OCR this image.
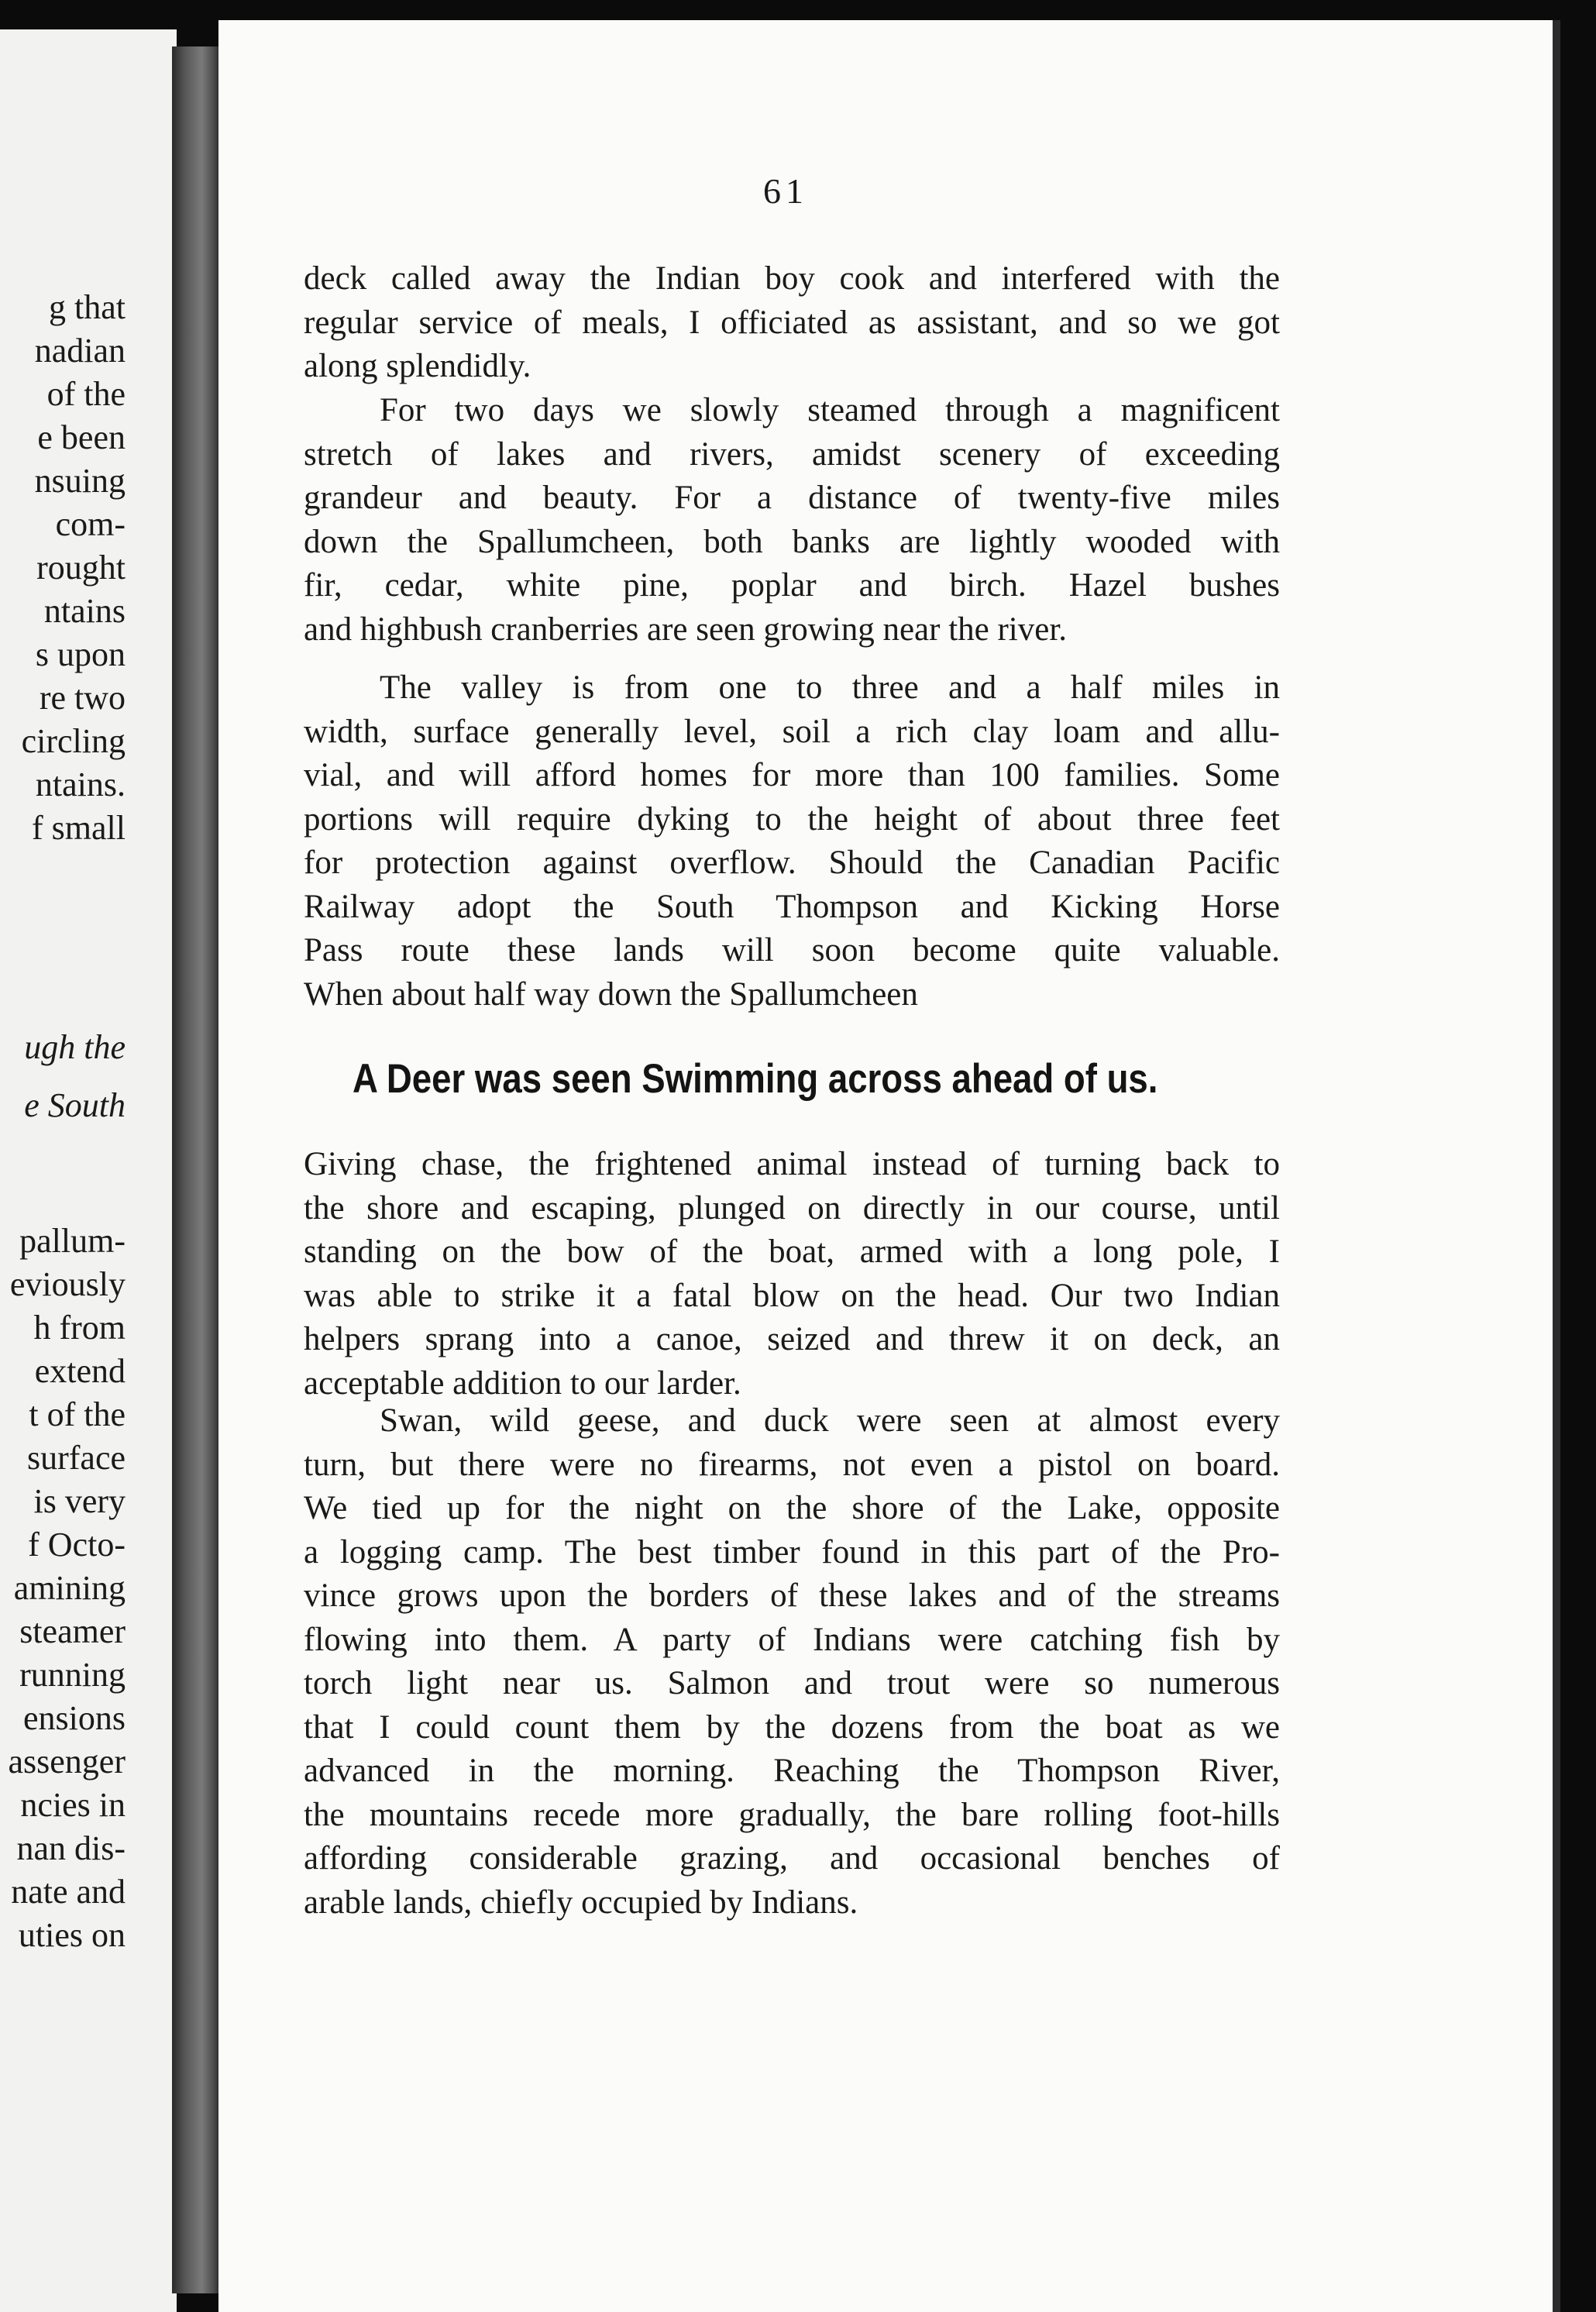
g that
nadian
of the
e been
nsuing
com-
rought
ntains
s upon
re two
circling
ntains.
f small
ugh the
e South
pallum-
eviously
h from
extend
t of the
surface
is very
f Octo-
amining
steamer
running
ensions
assenger
ncies in
nan dis-
nate and
uties on
61
deck called away the Indian boy cook and interfered with the
regular service of meals, I officiated as assistant, and so we got
along splendidly.
For two days we slowly steamed through a magnificent
stretch of lakes and rivers, amidst scenery of exceeding
grandeur and beauty. For a distance of twenty-five miles
down the Spallumcheen, both banks are lightly wooded with
fir, cedar, white pine, poplar and birch. Hazel bushes
and highbush cranberries are seen growing near the river.
The valley is from one to three and a half miles in
width, surface generally level, soil a rich clay loam and allu-
vial, and will afford homes for more than 100 families. Some
portions will require dyking to the height of about three feet
for protection against overflow. Should the Canadian Pacific
Railway adopt the South Thompson and Kicking Horse
Pass route these lands will soon become quite valuable.
When about half way down the Spallumcheen
Giving chase, the frightened animal instead of turning back to
the shore and escaping, plunged on directly in our course, until
standing on the bow of the boat, armed with a long pole, I
was able to strike it a fatal blow on the head. Our two Indian
helpers sprang into a canoe, seized and threw it on deck, an
acceptable addition to our larder.
Swan, wild geese, and duck were seen at almost every
turn, but there were no firearms, not even a pistol on board.
We tied up for the night on the shore of the Lake, opposite
a logging camp. The best timber found in this part of the Pro-
vince grows upon the borders of these lakes and of the streams
flowing into them. A party of Indians were catching fish by
torch light near us. Salmon and trout were so numerous
that I could count them by the dozens from the boat as we
advanced in the morning. Reaching the Thompson River,
the mountains recede more gradually, the bare rolling foot-hills
affording considerable grazing, and occasional benches of
arable lands, chiefly occupied by Indians.
A Deer was seen Swimming across ahead of us.
